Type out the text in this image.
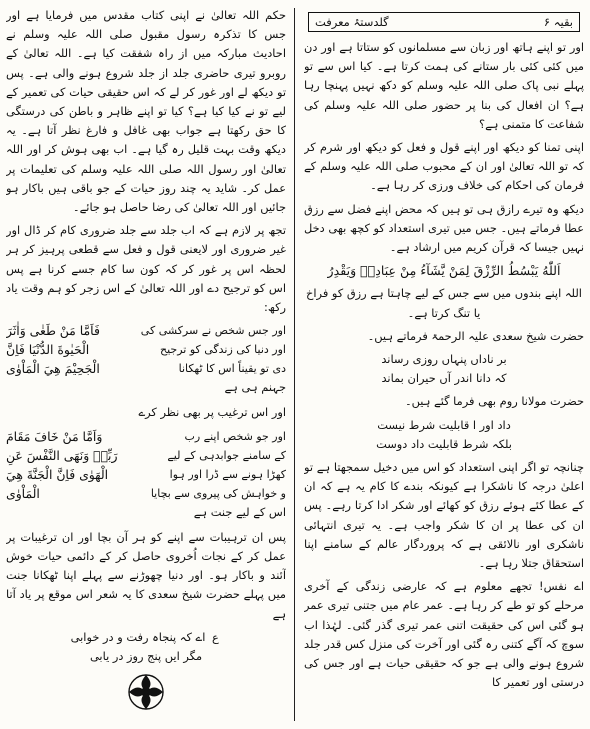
بقیہ ۶
گلدستۂ معرفت

اور تو اپنے ہاتھ اور زبان سے مسلمانوں کو ستاتا ہے اور دن میں کئی کئی بار ستانے کی ہمت کرتا ہے۔ کیا اس سے تو پہلے نبی پاک صلی اللہ علیہ وسلم کو دکھ نہیں پہنچا رہا ہے؟ ان افعال کی بنا پر حضور صلی اللہ علیہ وسلم کی شفاعت کا متمنی ہے؟

اپنی تمنا کو دیکھ اور اپنے قول و فعل کو دیکھ اور شرم کر کہ تو اللہ تعالیٰ اور ان کے محبوب صلی اللہ علیہ وسلم کے فرمان کی احکام کی خلاف ورزی کر رہا ہے۔

دیکھ وہ تیرے رازق ہی تو ہیں کہ محض اپنے فضل سے رزق عطا فرماتے ہیں۔ جس میں تیری استعداد کو کچھ بھی دخل نہیں جیسا کہ قرآن کریم میں ارشاد ہے۔

اَللّٰهُ يَبْسُطُ الرِّزْقَ لِمَنْ يَّشَآءُ مِنْ عِبَادِهٖ وَيَقْدِرُ

اللہ اپنے بندوں میں سے جس کے لیے چاہتا ہے رزق کو فراخ یا تنگ کرتا ہے۔

حضرت شیخ سعدی علیہ الرحمۃ فرماتے ہیں۔

بر ناداں پنہاں روزی رساند
کہ دانا اندر آں حیران بماند

حضرت مولانا روم بھی فرما گئے ہیں۔

داد اور ا قابلیت شرط نیست
بلکہ شرط قابلیت داد دوست

چنانچہ تو اگر اپنی استعداد کو اس میں دخیل سمجھتا ہے تو اعلیٰ درجہ کا ناشکرا ہے کیونکہ بندے کا کام یہ ہے کہ ان کے عطا کئے ہوئے رزق کو کھائے اور شکر ادا کرتا رہے۔ پس ان کی عطا پر ان کا شکر واجب ہے۔ یہ تیری انتہائی ناشکری اور نالائقی ہے کہ پروردگار عالم کے سامنے اپنا استحقاق جتلا رہا ہے۔

اے نفس! تجھے معلوم ہے کہ عارضی زندگی کے آخری مرحلے کو تو طے کر رہا ہے۔ عمر عام میں جتنی تیری عمر ہو گئی اس کی حقیقت اتنی عمر تیری گذر گئی۔ لہٰذا اب سوچ کہ آگے کتنی رہ گئی اور آخرت کی منزل کس قدر جلد شروع ہونے والی ہے جو کہ حقیقی حیات ہے اور جس کی درستی اور تعمیر کا

حکم اللہ تعالیٰ نے اپنی کتاب مقدس میں فرمایا ہے اور جس کا تذکرہ رسول مقبول صلی اللہ علیہ وسلم نے احادیث مبارکہ میں از راہ شفقت کیا ہے۔ اللہ تعالیٰ کے روبرو تیری حاضری جلد از جلد شروع ہونے والی ہے۔ پس تو دیکھ لے اور غور کر لے کہ اس حقیقی حیات کی تعمیر کے لیے تو نے کیا کیا ہے؟ کیا تو اپنے ظاہر و باطن کی درستگی کا حق رکھتا ہے جواب بھی غافل و فارغ نظر آتا ہے۔ یہ دیکھ وقت بہت قلیل رہ گیا ہے۔ اب بھی ہوش کر اور اللہ تعالیٰ اور رسول اللہ صلی اللہ علیہ وسلم کی تعلیمات پر عمل کر۔ شاید یہ چند روز حیات کے جو باقی ہیں باکار ہو جائیں اور اللہ تعالیٰ کی رضا حاصل ہو جائے۔

تجھ پر لازم ہے کہ اب جلد سے جلد ضروری کام کر ڈال اور غیر ضروری اور لایعنی قول و فعل سے قطعی پرہیز کر ہر لحظہ اس پر غور کر کہ کون سا کام جسے کرنا ہے پس اس کو ترجیح دے اور اللہ تعالیٰ کے اس زجر کو ہم وقت یاد رکھ:

اور جس شخص نے سرکشی کی
فَاَمَّا مَنْ طَغٰى وَاٰثَرَ
اور دنیا کی زندگی کو ترجیح
الْحَيٰوةَ الدُّنْيَا فَاِنَّ
دی تو یقیناً اس کا ٹھکانا
الْجَحِيْمَ هِيَ الْمَاْوٰى

جہنم ہی ہے

اور اس ترغیب پر بھی نظر کرے

اور جو شخص اپنے رب
وَاَمَّا مَنْ خَافَ مَقَامَ
کے سامنے جوابدہی کے لیے
رَبِّهٖ وَنَهَى النَّفْسَ عَنِ
کھڑا ہونے سے ڈرا اور ہوا
الْهَوٰى فَاِنَّ الْجَنَّةَ هِيَ
و خواہش کی پیروی سے بچایا
الْمَاْوٰى

اس کے لیے جنت ہے

پس ان ترہیبات سے اپنے کو ہر آن بچا اور ان ترغیبات پر عمل کر کے نجات اُخروی حاصل کر کے دائمی حیات خوش آئند و باکار ہو۔ اور دنیا چھوڑنے سے پہلے اپنا ٹھکانا جنت میں پہلے حضرت شیخ سعدی کا یہ شعر اس موقع پر یاد آتا ہے

ع
اے کہ پنجاہ رفت و در خوابی
مگر ایں پنج روز در یابی
